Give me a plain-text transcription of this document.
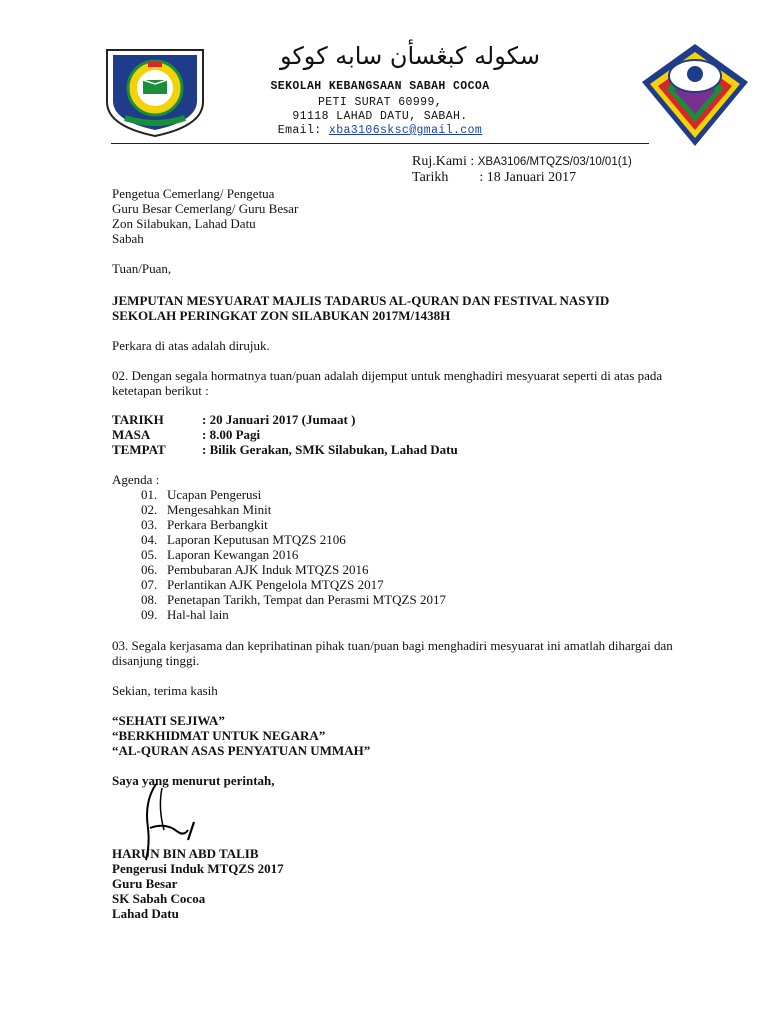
سکوله کبڠسأن سابه کوکو
SEKOLAH KEBANGSAAN SABAH COCOA
PETI SURAT 60999,
91118 LAHAD DATU, SABAH.
Email: xba3106sksc@gmail.com
Ruj.Kami : XBA3106/MTQZS/03/10/01(1)
Tarikh : 18 Januari 2017
Pengetua Cemerlang/ Pengetua
Guru Besar Cemerlang/ Guru Besar
Zon Silabukan, Lahad Datu
Sabah
Tuan/Puan,
JEMPUTAN MESYUARAT MAJLIS TADARUS AL-QURAN DAN FESTIVAL NASYID
SEKOLAH PERINGKAT ZON SILABUKAN 2017M/1438H
Perkara di atas adalah dirujuk.
02. Dengan segala hormatnya tuan/puan adalah dijemput untuk menghadiri mesyuarat seperti di atas pada
ketetapan berikut :
TARIKH	: 20 Januari 2017 (Jumaat )
MASA	: 8.00 Pagi
TEMPAT	: Bilik Gerakan, SMK Silabukan, Lahad Datu
Agenda :
01. Ucapan Pengerusi
02. Mengesahkan Minit
03. Perkara Berbangkit
04. Laporan Keputusan MTQZS 2106
05. Laporan Kewangan 2016
06. Pembubaran AJK Induk MTQZS 2016
07. Perlantikan AJK Pengelola MTQZS 2017
08. Penetapan Tarikh, Tempat dan Perasmi MTQZS 2017
09. Hal-hal lain
03. Segala kerjasama dan keprihatinan pihak tuan/puan bagi menghadiri mesyuarat ini amatlah dihargai dan
disanjung tinggi.
Sekian, terima kasih
“SEHATI SEJIWA”
“BERKHIDMAT UNTUK NEGARA”
“AL-QURAN ASAS PENYATUAN UMMAH”
Saya yang menurut perintah,
HARUN BIN ABD TALIB
Pengerusi Induk MTQZS 2017
Guru Besar
SK Sabah Cocoa
Lahad Datu
